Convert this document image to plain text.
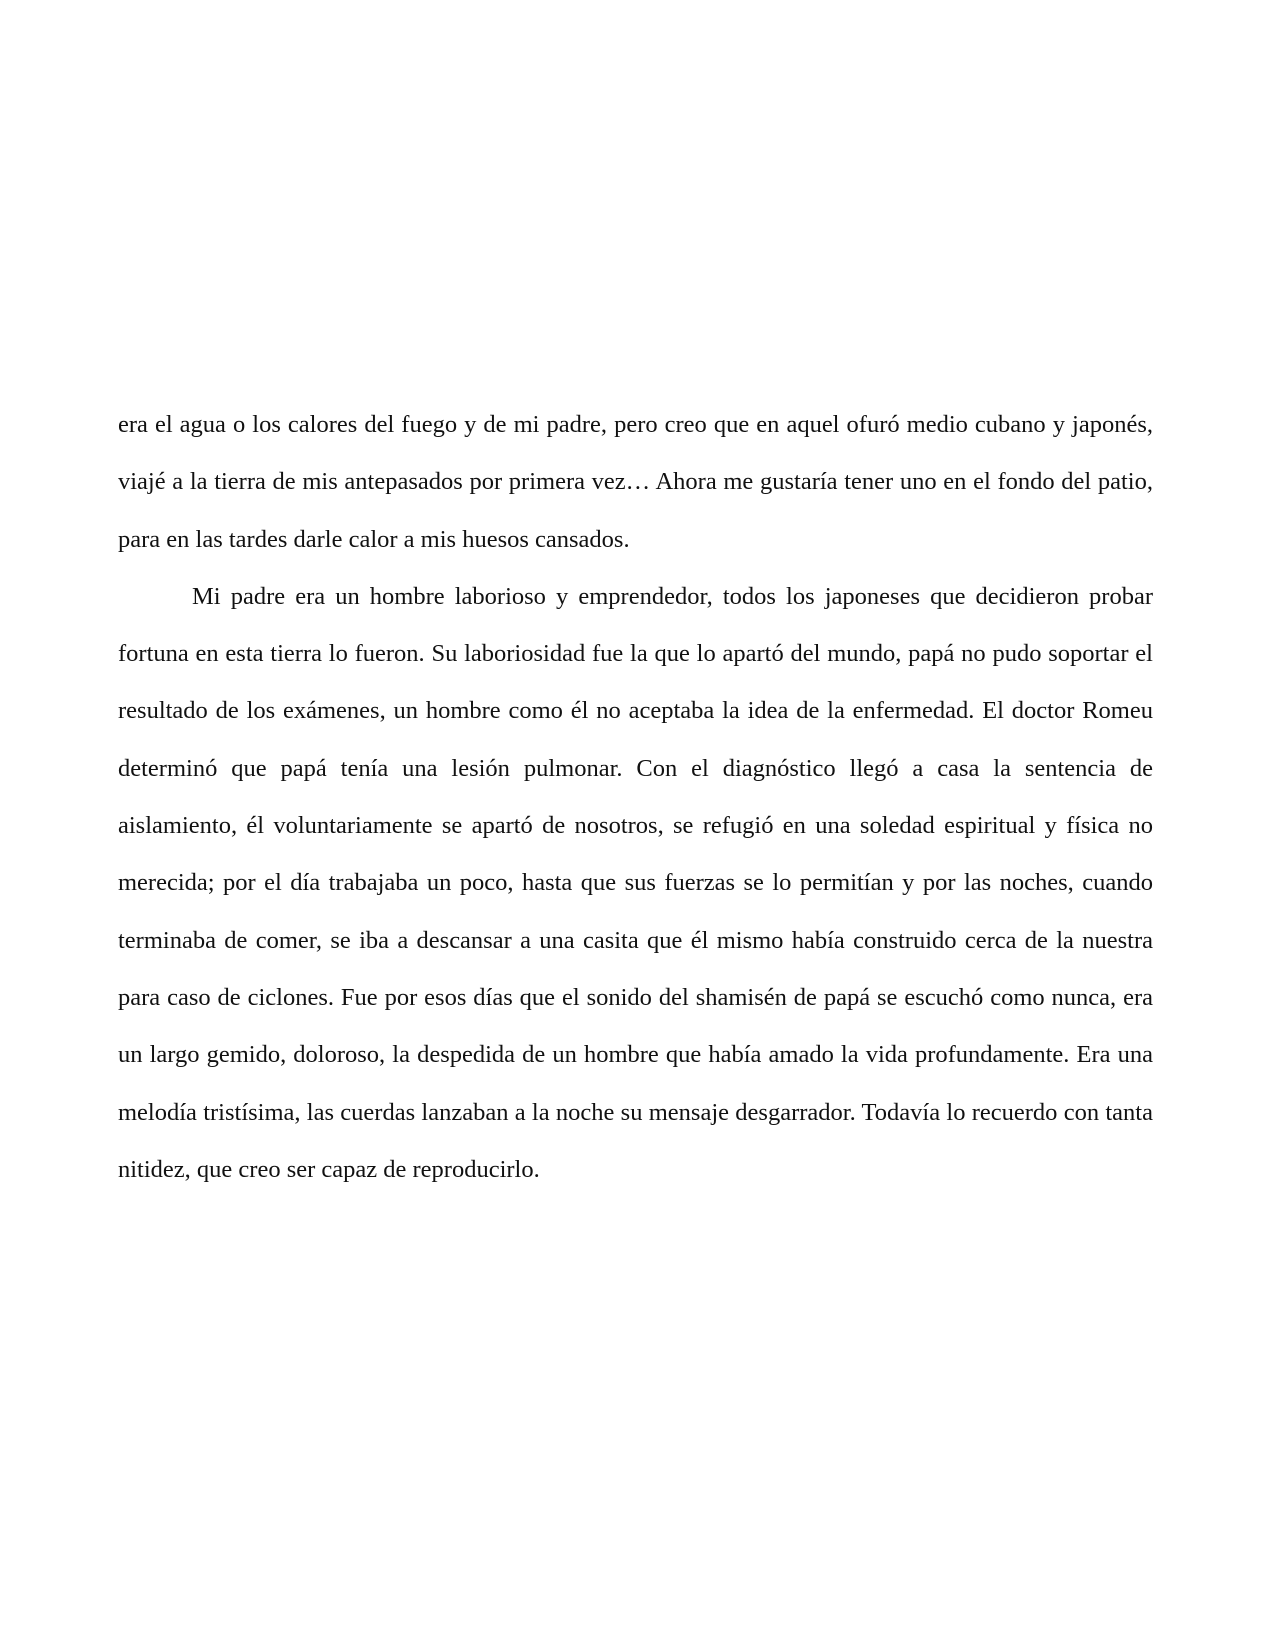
era el agua o los calores del fuego y de mi padre, pero creo que en aquel ofuró medio cubano y japonés, viajé a la tierra de mis antepasados por primera vez… Ahora me gustaría tener uno en el fondo del patio, para en las tardes darle calor a mis huesos cansados.

Mi padre era un hombre laborioso y emprendedor, todos los japoneses que decidieron probar fortuna en esta tierra lo fueron. Su laboriosidad fue la que lo apartó del mundo, papá no pudo soportar el resultado de los exámenes, un hombre como él no aceptaba la idea de la enfermedad. El doctor Romeu determinó que papá tenía una lesión pulmonar. Con el diagnóstico llegó a casa la sentencia de aislamiento, él voluntariamente se apartó de nosotros, se refugió en una soledad espiritual y física no merecida; por el día trabajaba un poco, hasta que sus fuerzas se lo permitían y por las noches, cuando terminaba de comer, se iba a descansar a una casita que él mismo había construido cerca de la nuestra para caso de ciclones. Fue por esos días que el sonido del shamisén de papá se escuchó como nunca, era un largo gemido, doloroso, la despedida de un hombre que había amado la vida profundamente. Era una melodía tristísima, las cuerdas lanzaban a la noche su mensaje desgarrador. Todavía lo recuerdo con tanta nitidez, que creo ser capaz de reproducirlo.
